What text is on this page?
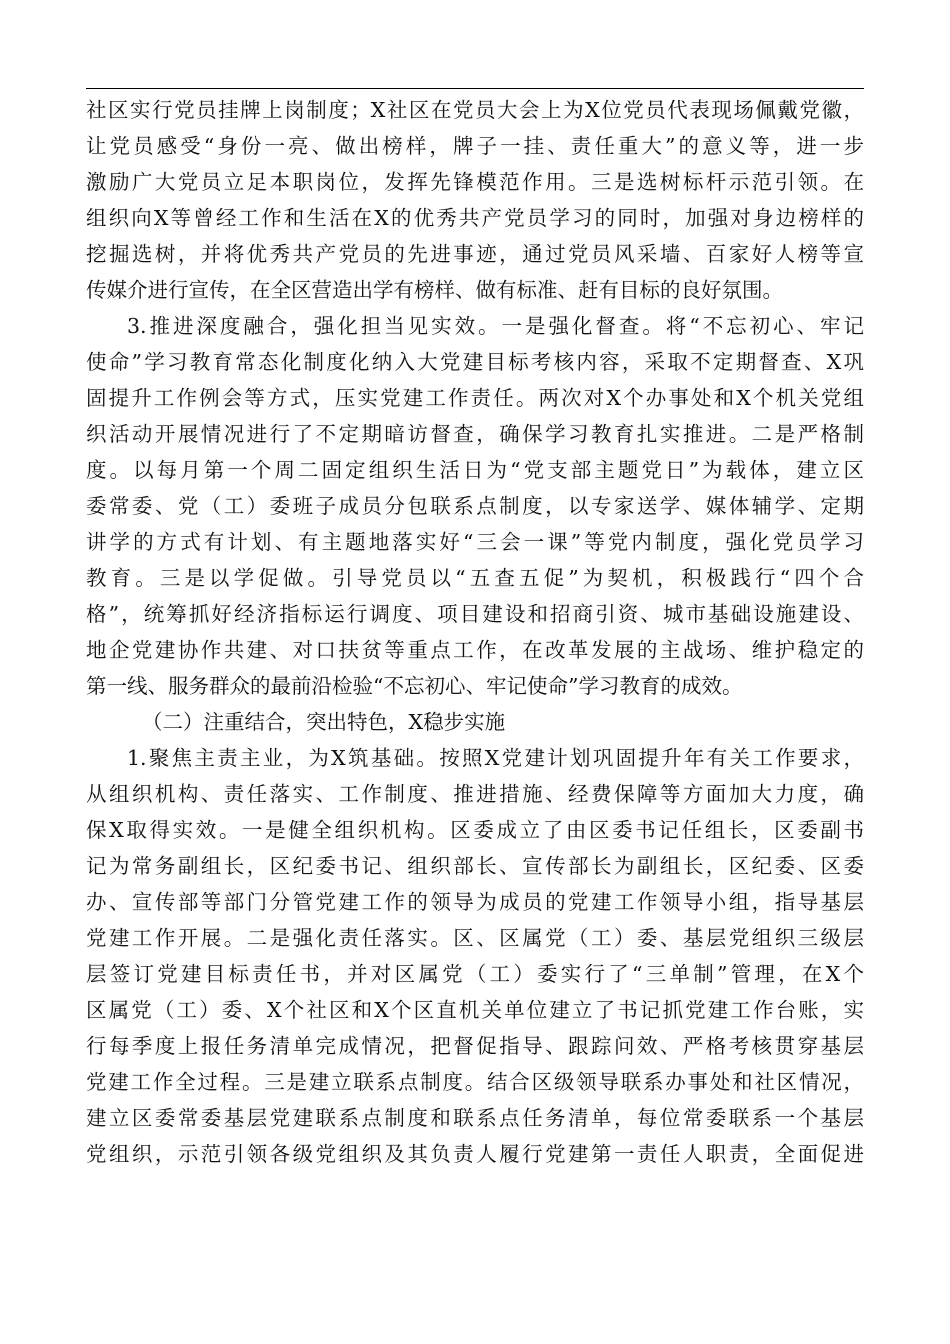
社区实行党员挂牌上岗制度；X社区在党员大会上为X位党员代表现场佩戴党徽，
让党员感受“身份一亮、做出榜样，牌子一挂、责任重大”的意义等，进一步
激励广大党员立足本职岗位，发挥先锋模范作用。三是选树标杆示范引领。在
组织向X等曾经工作和生活在X的优秀共产党员学习的同时，加强对身边榜样的
挖掘选树，并将优秀共产党员的先进事迹，通过党员风采墙、百家好人榜等宣
传媒介进行宣传，在全区营造出学有榜样、做有标准、赶有目标的良好氛围。
3.推进深度融合，强化担当见实效。一是强化督查。将“不忘初心、牢记
使命”学习教育常态化制度化纳入大党建目标考核内容，采取不定期督查、X巩
固提升工作例会等方式，压实党建工作责任。两次对X个办事处和X个机关党组
织活动开展情况进行了不定期暗访督查，确保学习教育扎实推进。二是严格制
度。以每月第一个周二固定组织生活日为“党支部主题党日”为载体，建立区
委常委、党（工）委班子成员分包联系点制度，以专家送学、媒体辅学、定期
讲学的方式有计划、有主题地落实好“三会一课”等党内制度，强化党员学习
教育。三是以学促做。引导党员以“五查五促”为契机，积极践行“四个合
格”，统筹抓好经济指标运行调度、项目建设和招商引资、城市基础设施建设、
地企党建协作共建、对口扶贫等重点工作，在改革发展的主战场、维护稳定的
第一线、服务群众的最前沿检验“不忘初心、牢记使命”学习教育的成效。
（二）注重结合，突出特色，X稳步实施
1.聚焦主责主业，为X筑基础。按照X党建计划巩固提升年有关工作要求，
从组织机构、责任落实、工作制度、推进措施、经费保障等方面加大力度，确
保X取得实效。一是健全组织机构。区委成立了由区委书记任组长，区委副书
记为常务副组长，区纪委书记、组织部长、宣传部长为副组长，区纪委、区委
办、宣传部等部门分管党建工作的领导为成员的党建工作领导小组，指导基层
党建工作开展。二是强化责任落实。区、区属党（工）委、基层党组织三级层
层签订党建目标责任书，并对区属党（工）委实行了“三单制”管理，在X个
区属党（工）委、X个社区和X个区直机关单位建立了书记抓党建工作台账，实
行每季度上报任务清单完成情况，把督促指导、跟踪问效、严格考核贯穿基层
党建工作全过程。三是建立联系点制度。结合区级领导联系办事处和社区情况，
建立区委常委基层党建联系点制度和联系点任务清单，每位常委联系一个基层
党组织，示范引领各级党组织及其负责人履行党建第一责任人职责，全面促进
